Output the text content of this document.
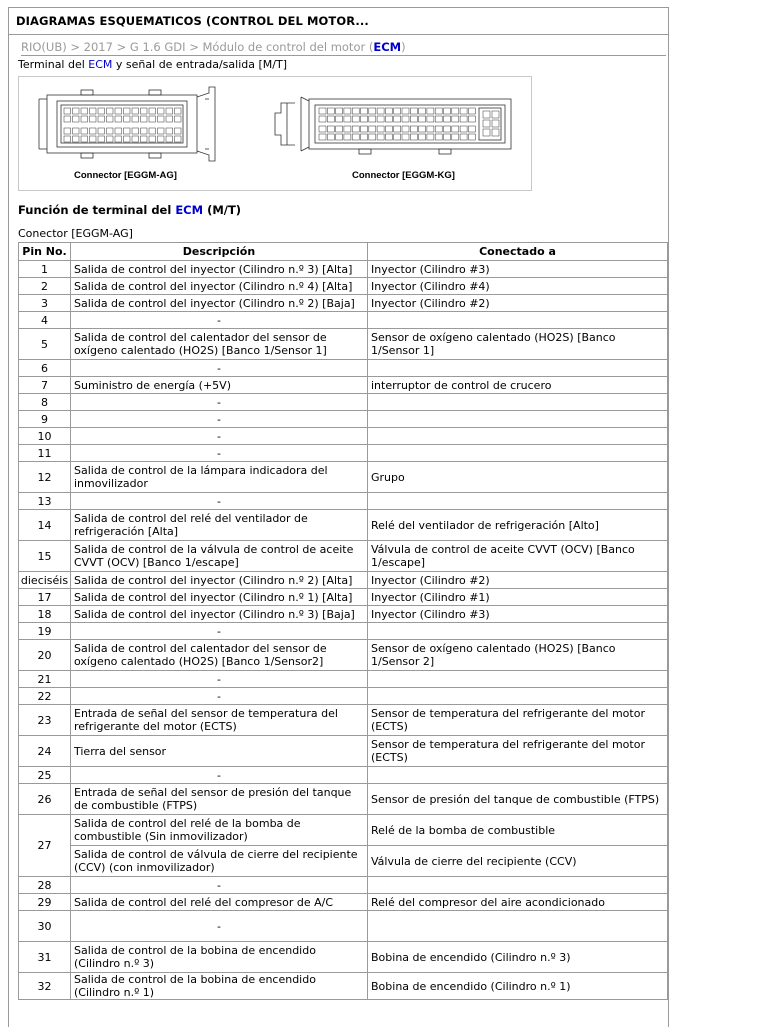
DIAGRAMAS ESQUEMATICOS (CONTROL DEL MOTOR...
RIO(UB) > 2017 > G 1.6 GDI > Módulo de control del motor (ECM)
Terminal del ECM y señal de entrada/salida [M/T]
Connector [EGGM-AG]	Connector [EGGM-KG]
Función de terminal del ECM (M/T)
Conector [EGGM-AG]
Pin No.	Descripción	Conectado a
1	Salida de control del inyector (Cilindro n.º 3) [Alta]	Inyector (Cilindro #3)
2	Salida de control del inyector (Cilindro n.º 4) [Alta]	Inyector (Cilindro #4)
3	Salida de control del inyector (Cilindro n.º 2) [Baja]	Inyector (Cilindro #2)
4	-	
5	Salida de control del calentador del sensor de oxígeno calentado (HO2S) [Banco 1/Sensor 1]	Sensor de oxígeno calentado (HO2S) [Banco 1/Sensor 1]
6	-	
7	Suministro de energía (+5V)	interruptor de control de crucero
8	-	
9	-	
10	-	
11	-	
12	Salida de control de la lámpara indicadora del inmovilizador	Grupo
13	-	
14	Salida de control del relé del ventilador de refrigeración [Alta]	Relé del ventilador de refrigeración [Alto]
15	Salida de control de la válvula de control de aceite CVVT (OCV) [Banco 1/escape]	Válvula de control de aceite CVVT (OCV) [Banco 1/escape]
dieciséis	Salida de control del inyector (Cilindro n.º 2) [Alta]	Inyector (Cilindro #2)
17	Salida de control del inyector (Cilindro n.º 1) [Alta]	Inyector (Cilindro #1)
18	Salida de control del inyector (Cilindro n.º 3) [Baja]	Inyector (Cilindro #3)
19	-	
20	Salida de control del calentador del sensor de oxígeno calentado (HO2S) [Banco 1/Sensor2]	Sensor de oxígeno calentado (HO2S) [Banco 1/Sensor 2]
21	-	
22	-	
23	Entrada de señal del sensor de temperatura del refrigerante del motor (ECTS)	Sensor de temperatura del refrigerante del motor (ECTS)
24	Tierra del sensor	Sensor de temperatura del refrigerante del motor (ECTS)
25	-	
26	Entrada de señal del sensor de presión del tanque de combustible (FTPS)	Sensor de presión del tanque de combustible (FTPS)
27	Salida de control del relé de la bomba de combustible (Sin inmovilizador)	Relé de la bomba de combustible
	Salida de control de válvula de cierre del recipiente (CCV) (con inmovilizador)	Válvula de cierre del recipiente (CCV)
28	-	
29	Salida de control del relé del compresor de A/C	Relé del compresor del aire acondicionado
30	-	
31	Salida de control de la bobina de encendido (Cilindro n.º 3)	Bobina de encendido (Cilindro n.º 3)
32	Salida de control de la bobina de encendido (Cilindro n.º 1)	Bobina de encendido (Cilindro n.º 1)
